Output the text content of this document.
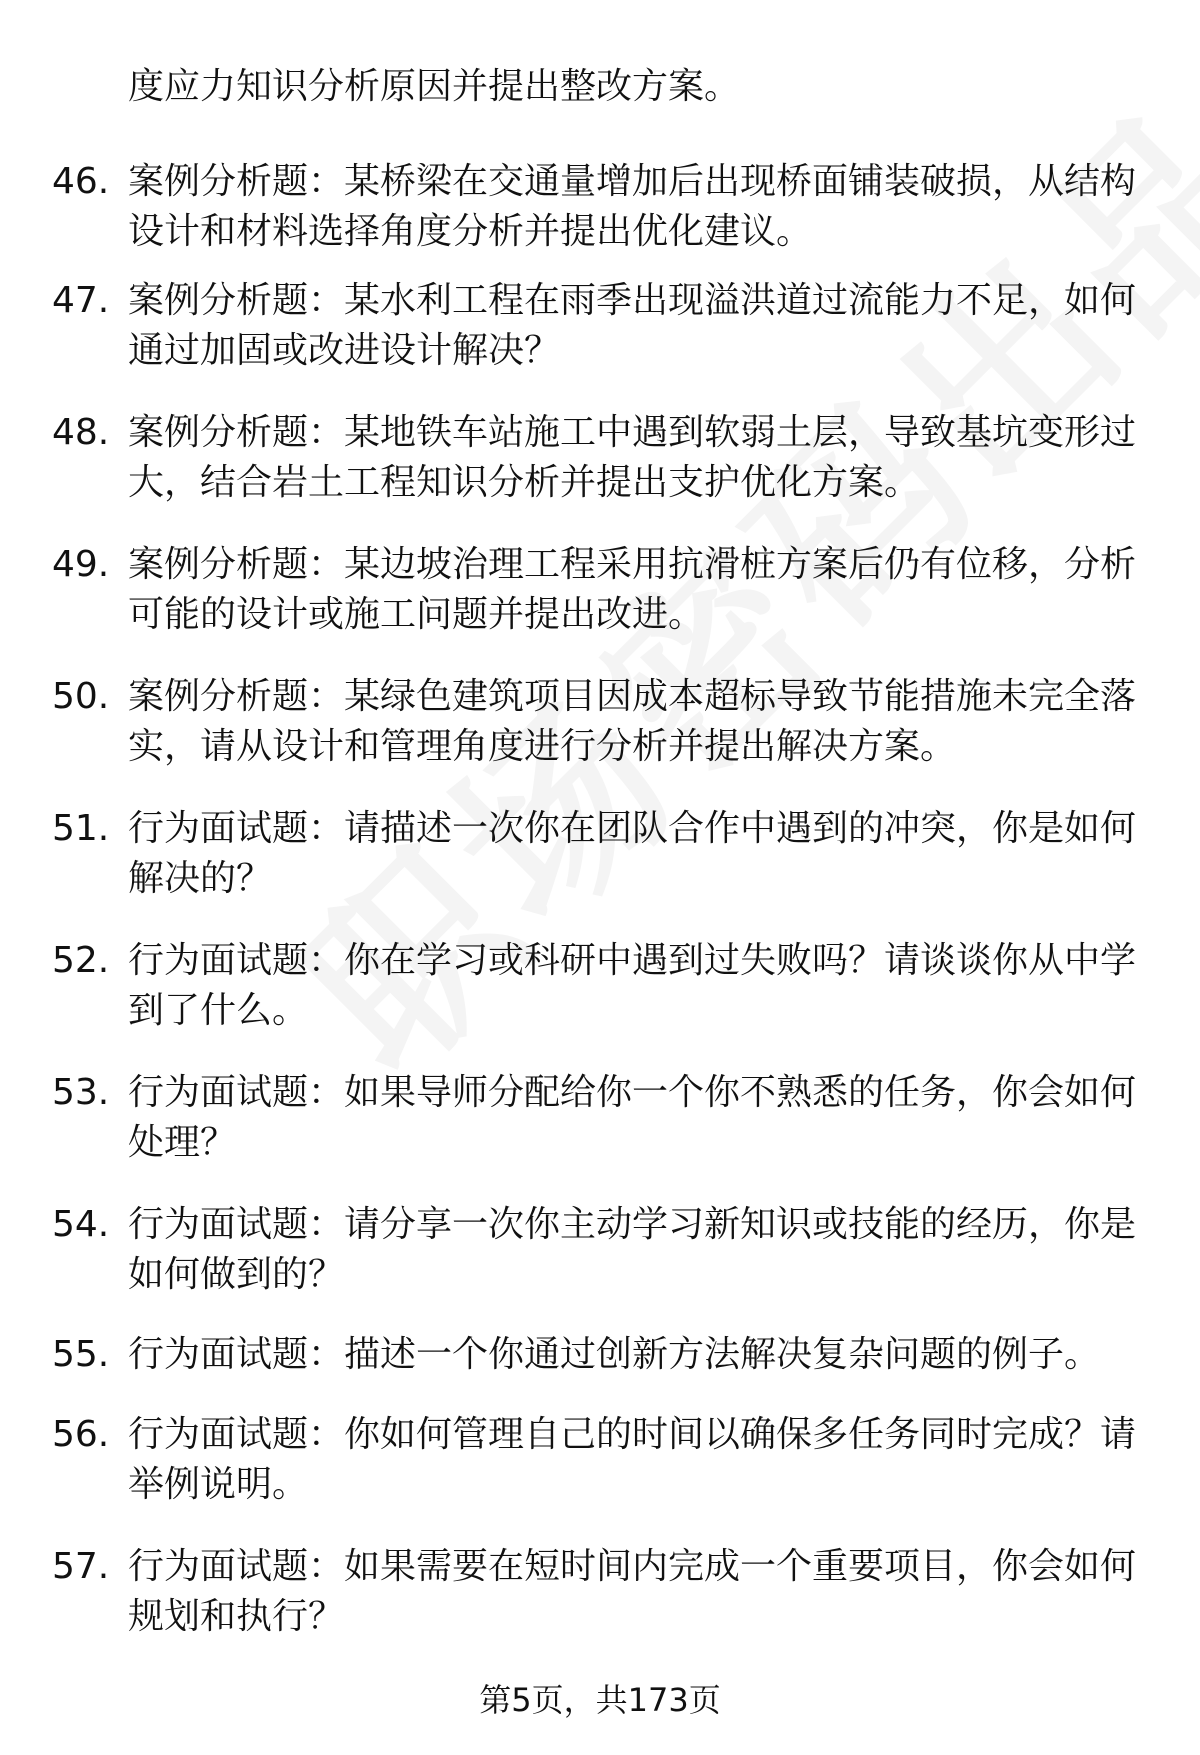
度应力知识分析原因并提出整改方案。
46. 案例分析题：某桥梁在交通量增加后出现桥面铺装破损，从结构
设计和材料选择角度分析并提出优化建议。
47. 案例分析题：某水利工程在雨季出现溢洪道过流能力不足，如何
通过加固或改进设计解决？
48. 案例分析题：某地铁车站施工中遇到软弱土层，导致基坑变形过
大，结合岩土工程知识分析并提出支护优化方案。
49. 案例分析题：某边坡治理工程采用抗滑桩方案后仍有位移，分析
可能的设计或施工问题并提出改进。
50. 案例分析题：某绿色建筑项目因成本超标导致节能措施未完全落
实，请从设计和管理角度进行分析并提出解决方案。
51. 行为面试题：请描述一次你在团队合作中遇到的冲突，你是如何
解决的？
52. 行为面试题：你在学习或科研中遇到过失败吗？请谈谈你从中学
到了什么。
53. 行为面试题：如果导师分配给你一个你不熟悉的任务，你会如何
处理？
54. 行为面试题：请分享一次你主动学习新知识或技能的经历，你是
如何做到的？
55. 行为面试题：描述一个你通过创新方法解决复杂问题的例子。
56. 行为面试题：你如何管理自己的时间以确保多任务同时完成？请
举例说明。
57. 行为面试题：如果需要在短时间内完成一个重要项目，你会如何
规划和执行？
第5页，共173页
